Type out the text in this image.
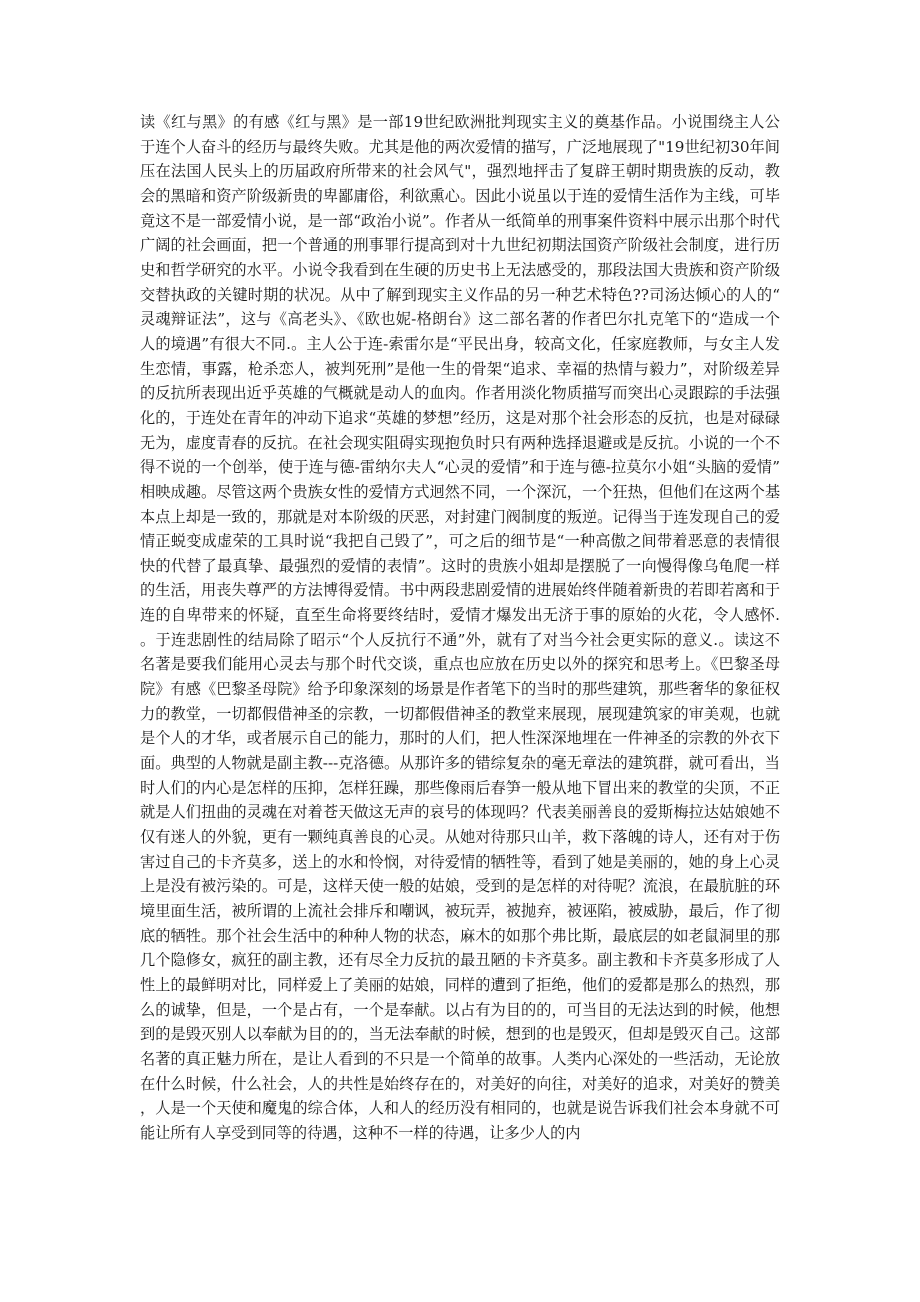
读《红与黑》的有感《红与黑》是一部19世纪欧洲批判现实主义的奠基作品。小说围绕主人公于连个人奋斗的经历与最终失败。尤其是他的两次爱情的描写，广泛地展现了"19世纪初30年间压在法国人民头上的历届政府所带来的社会风气"，强烈地抨击了复辟王朝时期贵族的反动，教会的黑暗和资产阶级新贵的卑鄙庸俗，利欲熏心。因此小说虽以于连的爱情生活作为主线，可毕竟这不是一部爱情小说，是一部“政治小说”。作者从一纸简单的刑事案件资料中展示出那个时代广阔的社会画面，把一个普通的刑事罪行提高到对十九世纪初期法国资产阶级社会制度，进行历史和哲学研究的水平。小说令我看到在生硬的历史书上无法感受的，那段法国大贵族和资产阶级交替执政的关键时期的状况。从中了解到现实主义作品的另一种艺术特色??司汤达倾心的人的“灵魂辩证法”，这与《高老头》、《欧也妮-格朗台》这二部名著的作者巴尔扎克笔下的“造成一个人的境遇”有很大不同.。主人公于连-索雷尔是“平民出身，较高文化，任家庭教师，与女主人发生恋情，事露，枪杀恋人，被判死刑”是他一生的骨架“追求、幸福的热情与毅力”，对阶级差异的反抗所表现出近乎英雄的气概就是动人的血肉。作者用淡化物质描写而突出心灵跟踪的手法强化的，于连处在青年的冲动下追求“英雄的梦想”经历，这是对那个社会形态的反抗，也是对碌碌无为，虚度青春的反抗。在社会现实阻碍实现抱负时只有两种选择退避或是反抗。小说的一个不得不说的一个创举，使于连与德-雷纳尔夫人“心灵的爱情”和于连与德-拉莫尔小姐“头脑的爱情”相映成趣。尽管这两个贵族女性的爱情方式迥然不同，一个深沉，一个狂热，但他们在这两个基本点上却是一致的，那就是对本阶级的厌恶，对封建门阀制度的叛逆。记得当于连发现自己的爱情正蜕变成虚荣的工具时说“我把自己毁了”，可之后的细节是“一种高傲之间带着恶意的表情很快的代替了最真挚、最强烈的爱情的表情”。这时的贵族小姐却是摆脱了一向慢得像乌龟爬一样的生活，用丧失尊严的方法博得爱情。书中两段悲剧爱情的进展始终伴随着新贵的若即若离和于连的自卑带来的怀疑，直至生命将要终结时，爱情才爆发出无济于事的原始的火花，令人感怀.。于连悲剧性的结局除了昭示“个人反抗行不通”外，就有了对当今社会更实际的意义.。读这不名著是要我们能用心灵去与那个时代交谈，重点也应放在历史以外的探究和思考上。《巴黎圣母院》有感《巴黎圣母院》给予印象深刻的场景是作者笔下的当时的那些建筑，那些奢华的象征权力的教堂，一切都假借神圣的宗教，一切都假借神圣的教堂来展现，展现建筑家的审美观，也就是个人的才华，或者展示自己的能力，那时的人们，把人性深深地埋在一件神圣的宗教的外衣下面。典型的人物就是副主教---克洛德。从那许多的错综复杂的毫无章法的建筑群，就可看出，当时人们的内心是怎样的压抑，怎样狂躁，那些像雨后春笋一般从地下冒出来的教堂的尖顶，不正就是人们扭曲的灵魂在对着苍天做这无声的哀号的体现吗？代表美丽善良的爱斯梅拉达姑娘她不仅有迷人的外貌，更有一颗纯真善良的心灵。从她对待那只山羊，救下落魄的诗人，还有对于伤害过自己的卡齐莫多，送上的水和怜悯，对待爱情的牺牲等，看到了她是美丽的，她的身上心灵上是没有被污染的。可是，这样天使一般的姑娘，受到的是怎样的对待呢？流浪，在最肮脏的环境里面生活，被所谓的上流社会排斥和嘲讽，被玩弄，被抛弃，被诬陷，被威胁，最后，作了彻底的牺牲。那个社会生活中的种种人物的状态，麻木的如那个弗比斯，最底层的如老鼠洞里的那几个隐修女，疯狂的副主教，还有尽全力反抗的最丑陋的卡齐莫多。副主教和卡齐莫多形成了人性上的最鲜明对比，同样爱上了美丽的姑娘，同样的遭到了拒绝，他们的爱都是那么的热烈，那么的诚挚，但是，一个是占有，一个是奉献。以占有为目的的，可当目的无法达到的时候，他想到的是毁灭别人以奉献为目的的，当无法奉献的时候，想到的也是毁灭，但却是毁灭自己。这部名著的真正魅力所在，是让人看到的不只是一个简单的故事。人类内心深处的一些活动，无论放在什么时候，什么社会，人的共性是始终存在的，对美好的向往，对美好的追求，对美好的赞美，人是一个天使和魔鬼的综合体，人和人的经历没有相同的，也就是说告诉我们社会本身就不可能让所有人享受到同等的待遇，这种不一样的待遇，让多少人的内
